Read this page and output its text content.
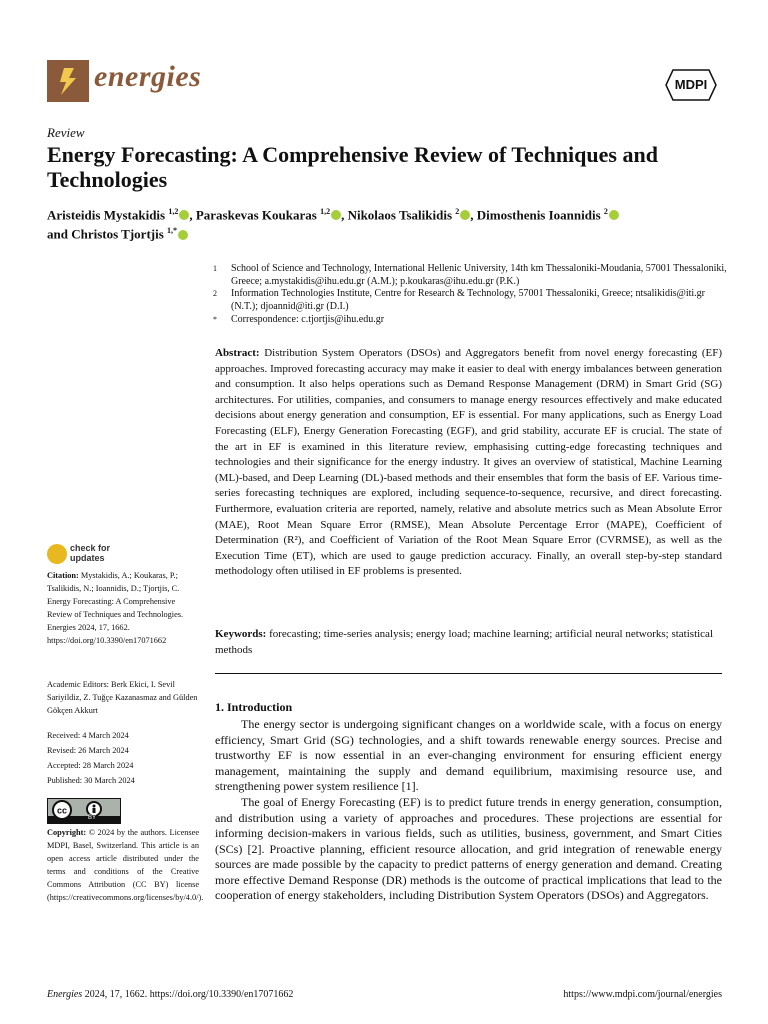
energies	MDPI
Review
Energy Forecasting: A Comprehensive Review of Techniques and Technologies
Aristeidis Mystakidis $^{1,2}$ , Paraskevas Koukaras $^{1,2}$ , Nikolaos Tsalikidis $^2$ , Dimosthenis Ioannidis $^2$
and Christos Tjortjis $^{1,*}$
1 School of Science and Technology, International Hellenic University, 14th km Thessaloniki-Moudania, 57001 Thessaloniki, Greece; a.mystakidis@ihu.edu.gr (A.M.); p.koukaras@ihu.edu.gr (P.K.)
2 Information Technologies Institute, Centre for Research & Technology, 57001 Thessaloniki, Greece; ntsalikidis@iti.gr (N.T.); djoannid@iti.gr (D.I.)
* Correspondence: c.tjortjis@ihu.edu.gr
Abstract: Distribution System Operators (DSOs) and Aggregators benefit from novel energy forecasting (EF) approaches. Improved forecasting accuracy may make it easier to deal with energy imbalances between generation and consumption. It also helps operations such as Demand Response Management (DRM) in Smart Grid (SG) architectures. For utilities, companies, and consumers to manage energy resources effectively and make educated decisions about energy generation and consumption, EF is essential. For many applications, such as Energy Load Forecasting (ELF), Energy Generation Forecasting (EGF), and grid stability, accurate EF is crucial. The state of the art in EF is examined in this literature review, emphasising cutting-edge forecasting techniques and technologies and their significance for the energy industry. It gives an overview of statistical, Machine Learning (ML)-based, and Deep Learning (DL)-based methods and their ensembles that form the basis of EF. Various time-series forecasting techniques are explored, including sequence-to-sequence, recursive, and direct forecasting. Furthermore, evaluation criteria are reported, namely, relative and absolute metrics such as Mean Absolute Error (MAE), Root Mean Square Error (RMSE), Mean Absolute Percentage Error (MAPE), Coefficient of Determination (R²), and Coefficient of Variation of the Root Mean Square Error (CVRMSE), as well as the Execution Time (ET), which are used to gauge prediction accuracy. Finally, an overall step-by-step standard methodology often utilised in EF problems is presented.
Keywords: forecasting; time-series analysis; energy load; machine learning; artificial neural networks; statistical methods
1. Introduction
The energy sector is undergoing significant changes on a worldwide scale, with a focus on energy efficiency, Smart Grid (SG) technologies, and a shift towards renewable energy sources. Precise and trustworthy EF is now essential in an ever-changing environment for ensuring efficient energy management, maintaining the supply and demand equilibrium, maximising resource use, and strengthening power system resilience [1].
The goal of Energy Forecasting (EF) is to predict future trends in energy generation, consumption, and distribution using a variety of approaches and procedures. These projections are essential for informing decision-makers in various fields, such as utilities, business, government, and Smart Cities (SCs) [2]. Proactive planning, efficient resource allocation, and grid integration of renewable energy sources are made possible by the capacity to predict patterns of energy generation and demand. Creating more effective Demand Response (DR) methods is the outcome of practical implications that lead to the cooperation of energy stakeholders, including Distribution System Operators (DSOs) and Aggregators.
check for
updates
Citation: Mystakidis, A.; Koukaras, P.; Tsalikidis, N.; Ioannidis, D.; Tjortjis, C. Energy Forecasting: A Comprehensive Review of Techniques and Technologies. Energies 2024, 17, 1662. https://doi.org/10.3390/en17071662
Academic Editors: Berk Ekici, I. Sevil Sariyildiz, Z. Tuğçe Kazanasmaz and Gülden Gökçen Akkurt
Received: 4 March 2024
Revised: 26 March 2024
Accepted: 28 March 2024
Published: 30 March 2024
cc
BY
Copyright: © 2024 by the authors. Licensee MDPI, Basel, Switzerland. This article is an open access article distributed under the terms and conditions of the Creative Commons Attribution (CC BY) license (https://creativecommons.org/licenses/by/4.0/).
Energies 2024, 17, 1662. https://doi.org/10.3390/en17071662	https://www.mdpi.com/journal/energies
